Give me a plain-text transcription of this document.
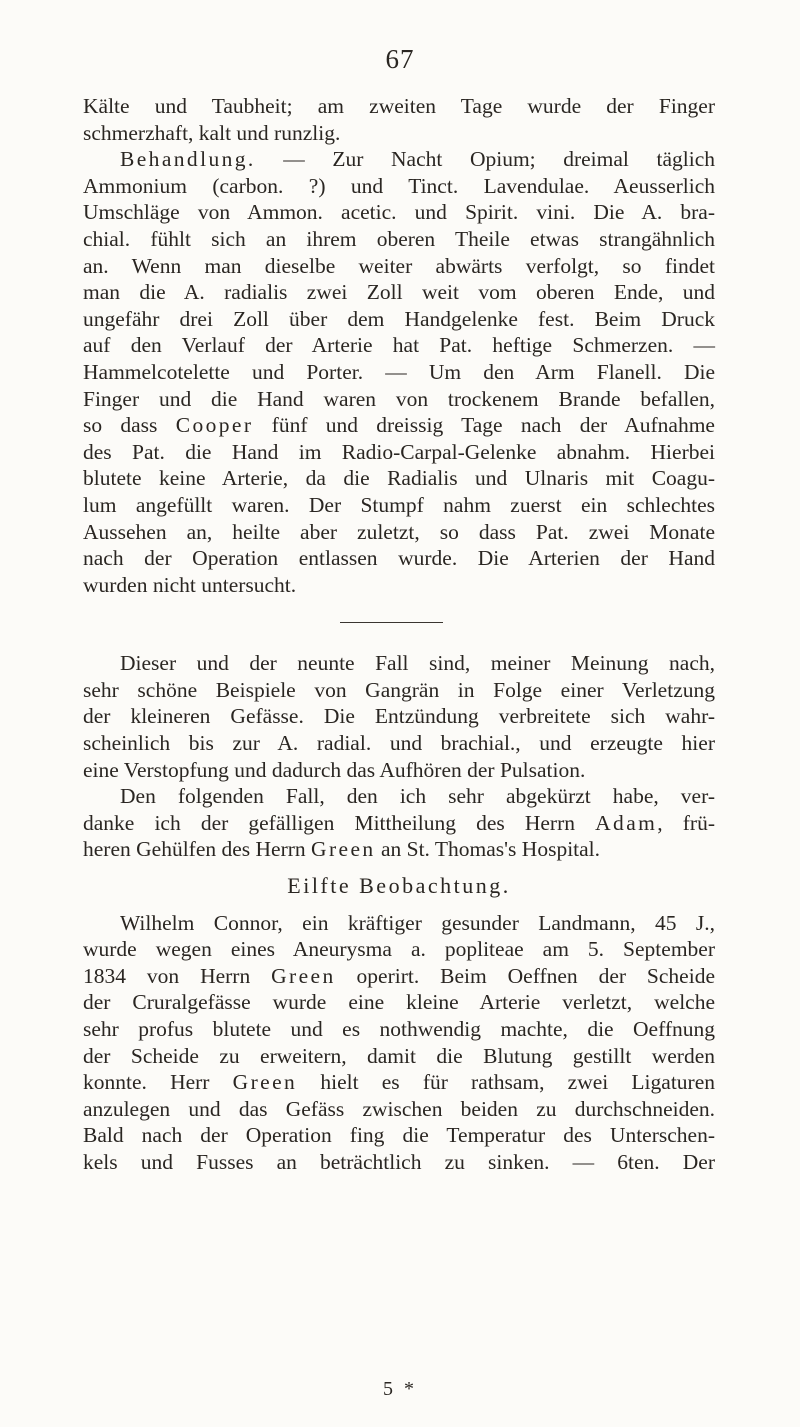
67
Kälte und Taubheit; am zweiten Tage wurde der Finger
schmerzhaft, kalt und runzlig.
Behandlung. — Zur Nacht Opium; dreimal täglich
Ammonium (carbon. ?) und Tinct. Lavendulae. Aeusserlich
Umschläge von Ammon. acetic. und Spirit. vini. Die A. bra-
chial. fühlt sich an ihrem oberen Theile etwas strangähnlich
an. Wenn man dieselbe weiter abwärts verfolgt, so findet
man die A. radialis zwei Zoll weit vom oberen Ende, und
ungefähr drei Zoll über dem Handgelenke fest. Beim Druck
auf den Verlauf der Arterie hat Pat. heftige Schmerzen. —
Hammelcotelette und Porter. — Um den Arm Flanell. Die
Finger und die Hand waren von trockenem Brande befallen,
so dass Cooper fünf und dreissig Tage nach der Aufnahme
des Pat. die Hand im Radio-Carpal-Gelenke abnahm. Hierbei
blutete keine Arterie, da die Radialis und Ulnaris mit Coagu-
lum angefüllt waren. Der Stumpf nahm zuerst ein schlechtes
Aussehen an, heilte aber zuletzt, so dass Pat. zwei Monate
nach der Operation entlassen wurde. Die Arterien der Hand
wurden nicht untersucht.
Dieser und der neunte Fall sind, meiner Meinung nach,
sehr schöne Beispiele von Gangrän in Folge einer Verletzung
der kleineren Gefässe. Die Entzündung verbreitete sich wahr-
scheinlich bis zur A. radial. und brachial., und erzeugte hier
eine Verstopfung und dadurch das Aufhören der Pulsation.
Den folgenden Fall, den ich sehr abgekürzt habe, ver-
danke ich der gefälligen Mittheilung des Herrn Adam, frü-
heren Gehülfen des Herrn Green an St. Thomas's Hospital.
Eilfte Beobachtung.
Wilhelm Connor, ein kräftiger gesunder Landmann, 45 J.,
wurde wegen eines Aneurysma a. popliteae am 5. September
1834 von Herrn Green operirt. Beim Oeffnen der Scheide
der Cruralgefässe wurde eine kleine Arterie verletzt, welche
sehr profus blutete und es nothwendig machte, die Oeffnung
der Scheide zu erweitern, damit die Blutung gestillt werden
konnte. Herr Green hielt es für rathsam, zwei Ligaturen
anzulegen und das Gefäss zwischen beiden zu durchschneiden.
Bald nach der Operation fing die Temperatur des Unterschen-
kels und Fusses an beträchtlich zu sinken. — 6ten. Der
5 *
